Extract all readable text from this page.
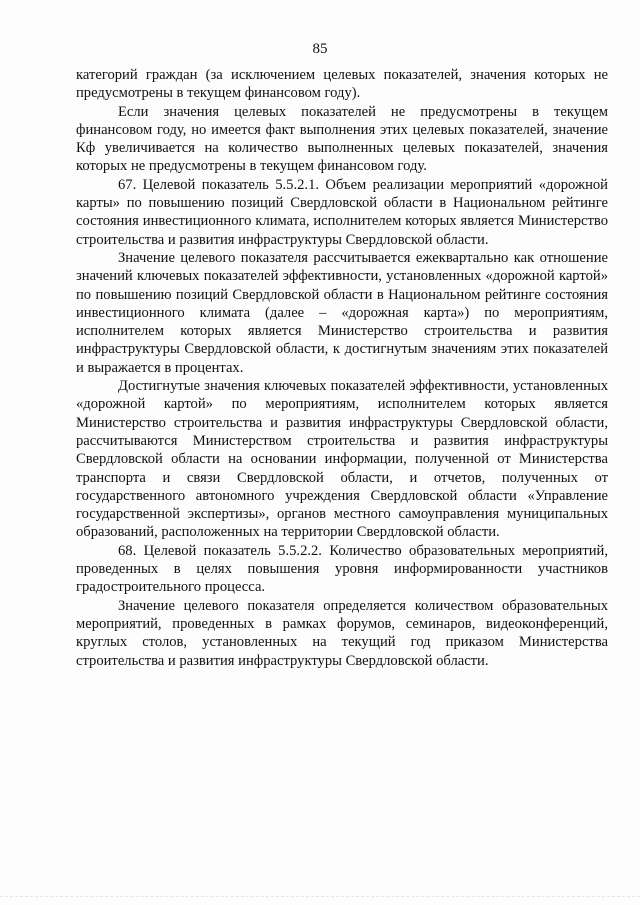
85

категорий граждан (за исключением целевых показателей, значения которых не предусмотрены в текущем финансовом году).

Если значения целевых показателей не предусмотрены в текущем финансовом году, но имеется факт выполнения этих целевых показателей, значение Кф увеличивается на количество выполненных целевых показателей, значения которых не предусмотрены в текущем финансовом году.

67. Целевой показатель 5.5.2.1. Объем реализации мероприятий «дорожной карты» по повышению позиций Свердловской области в Национальном рейтинге состояния инвестиционного климата, исполнителем которых является Министерство строительства и развития инфраструктуры Свердловской области.

Значение целевого показателя рассчитывается ежеквартально как отношение значений ключевых показателей эффективности, установленных «дорожной картой» по повышению позиций Свердловской области в Национальном рейтинге состояния инвестиционного климата (далее – «дорожная карта») по мероприятиям, исполнителем которых является Министерство строительства и развития инфраструктуры Свердловской области, к достигнутым значениям этих показателей и выражается в процентах.

Достигнутые значения ключевых показателей эффективности, установленных «дорожной картой» по мероприятиям, исполнителем которых является Министерство строительства и развития инфраструктуры Свердловской области, рассчитываются Министерством строительства и развития инфраструктуры Свердловской области на основании информации, полученной от Министерства транспорта и связи Свердловской области, и отчетов, полученных от государственного автономного учреждения Свердловской области «Управление государственной экспертизы», органов местного самоуправления муниципальных образований, расположенных на территории Свердловской области.

68. Целевой показатель 5.5.2.2. Количество образовательных мероприятий, проведенных в целях повышения уровня информированности участников градостроительного процесса.

Значение целевого показателя определяется количеством образовательных мероприятий, проведенных в рамках форумов, семинаров, видеоконференций, круглых столов, установленных на текущий год приказом Министерства строительства и развития инфраструктуры Свердловской области.
